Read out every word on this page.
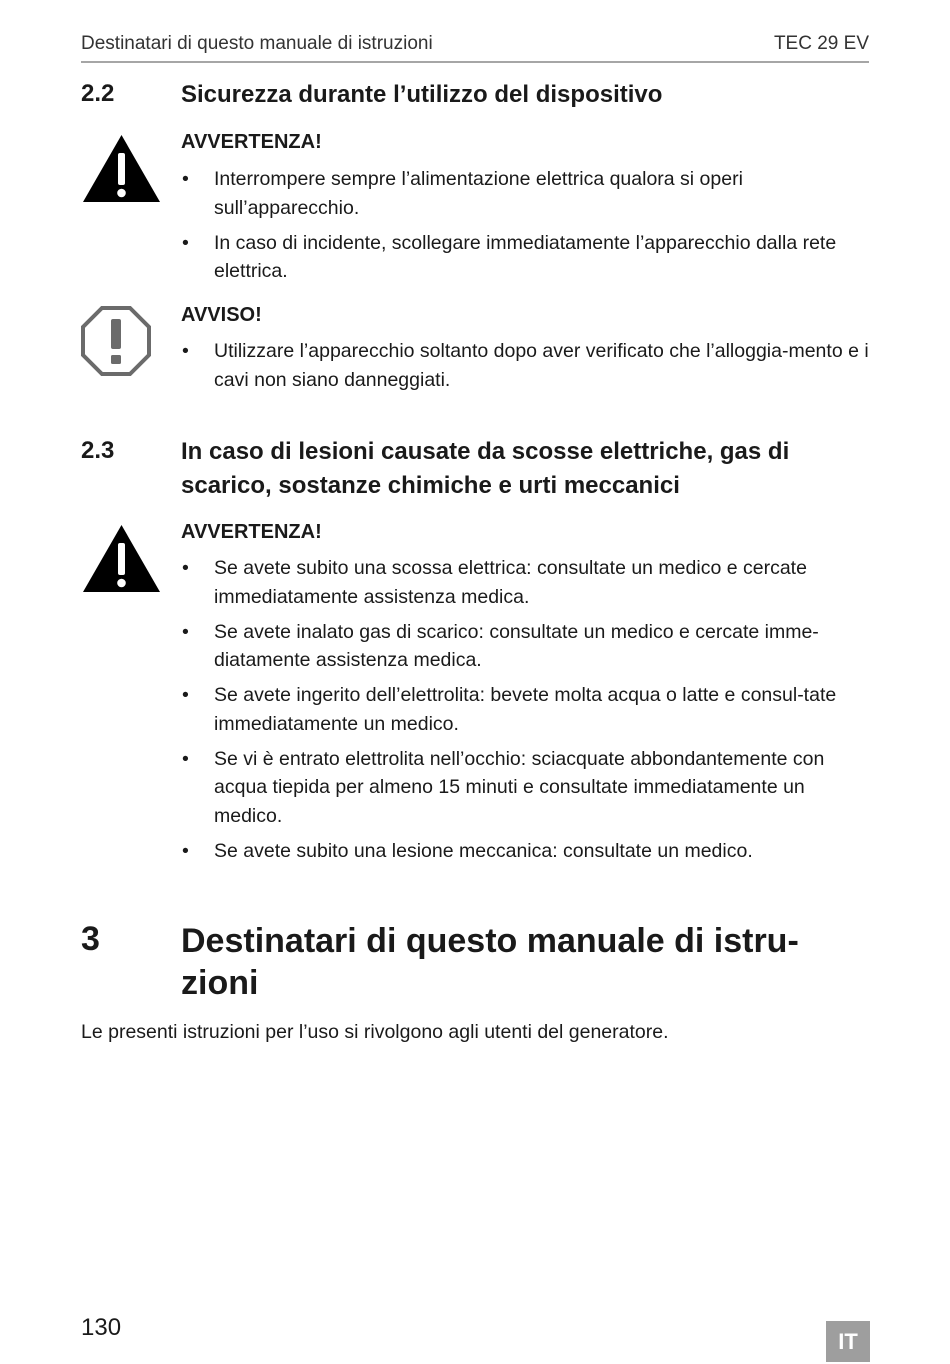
Destinatari di questo manuale di istruzioni	TEC 29 EV
2.2	Sicurezza durante l’utilizzo del dispositivo
AVVERTENZA!
• Interrompere sempre l’alimentazione elettrica qualora si operi sull’apparecchio.
• In caso di incidente, scollegare immediatamente l’apparecchio dalla rete elettrica.
AVVISO!
• Utilizzare l’apparecchio soltanto dopo aver verificato che l’alloggia-mento e i cavi non siano danneggiati.
2.3	In caso di lesioni causate da scosse elettriche, gas di scarico, sostanze chimiche e urti meccanici
AVVERTENZA!
• Se avete subito una scossa elettrica: consultate un medico e cercate immediatamente assistenza medica.
• Se avete inalato gas di scarico: consultate un medico e cercate imme-diatamente assistenza medica.
• Se avete ingerito dell’elettrolita: bevete molta acqua o latte e consul-tate immediatamente un medico.
• Se vi è entrato elettrolita nell’occhio: sciacquate abbondantemente con acqua tiepida per almeno 15 minuti e consultate immediatamente un medico.
• Se avete subito una lesione meccanica: consultate un medico.
3 Destinatari di questo manuale di istru-zioni
Le presenti istruzioni per l’uso si rivolgono agli utenti del generatore.
130
IT
